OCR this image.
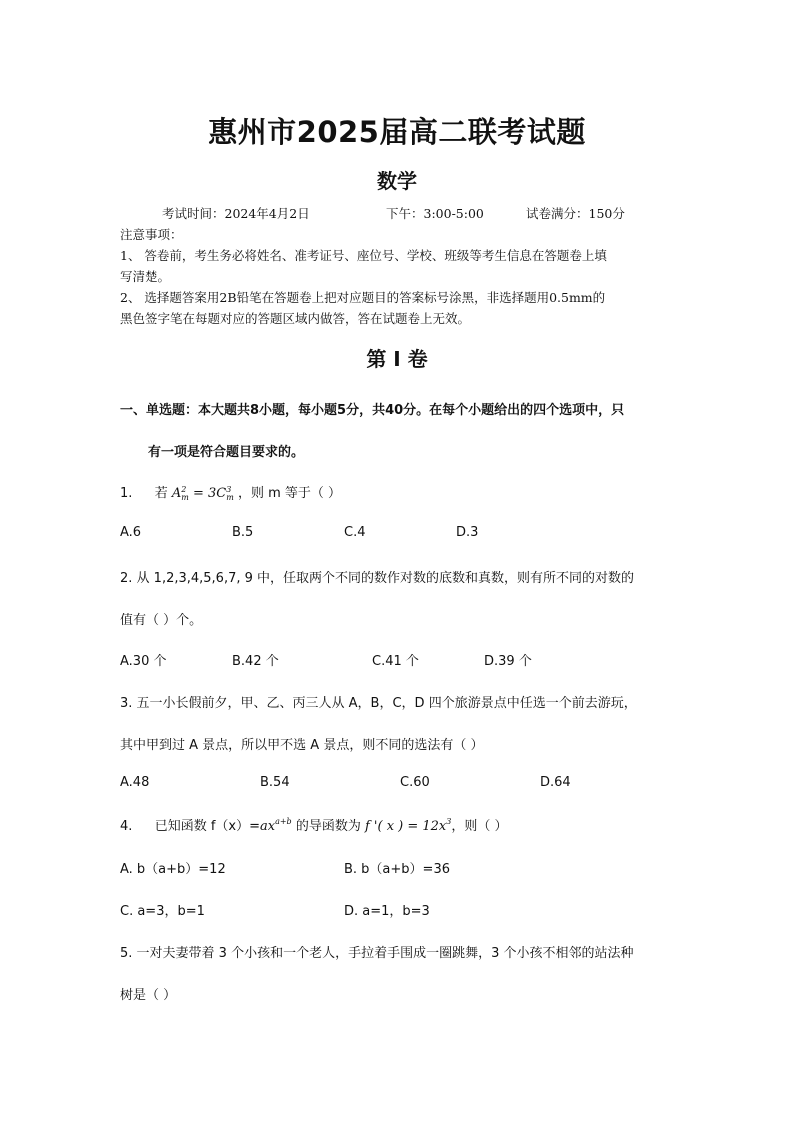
惠州市2025届高二联考试题
数学
考试时间：2024年4月2日	下午：3:00-5:00	试卷满分：150分
注意事项：
1、 答卷前，考生务必将姓名、准考证号、座位号、学校、班级等考生信息在答题卷上填
写清楚。
2、 选择题答案用2B铅笔在答题卷上把对应题目的答案标号涂黑，非选择题用0.5mm的
黑色签字笔在每题对应的答题区域内做答，答在试题卷上无效。
第 I 卷
一、单选题：本大题共8小题，每小题5分，共40分。在每个小题给出的四个选项中，只
有一项是符合题目要求的。
1. 若 A 2
m = 3C 3
m ，则 m 等于（ ）
A.6	B.5	C.4	D.3
2. 从 1,2,3,4,5,6,7, 9 中，任取两个不同的数作对数的底数和真数，则有所不同的对数的
值有（ ）个。
A.30 个	B.42 个	C.41 个	D.39 个
3. 五一小长假前夕，甲、乙、丙三人从 A，B，C，D 四个旅游景点中任选一个前去游玩，
其中甲到过 A 景点，所以甲不选 A 景点，则不同的选法有（ ）
A.48	B.54	C.60	D.64
4. 已知函数 $f(x)=ax^{a+b}$ 的导函数为 f '( x ) = $12x^3$，则（ ）
A. b（a+b）=12	B. b（a+b）=36
C. a=3，b=1	D. a=1，b=3
5. 一对夫妻带着 3 个小孩和一个老人，手拉着手围成一圈跳舞，3 个小孩不相邻的站法种
树是（ ）
